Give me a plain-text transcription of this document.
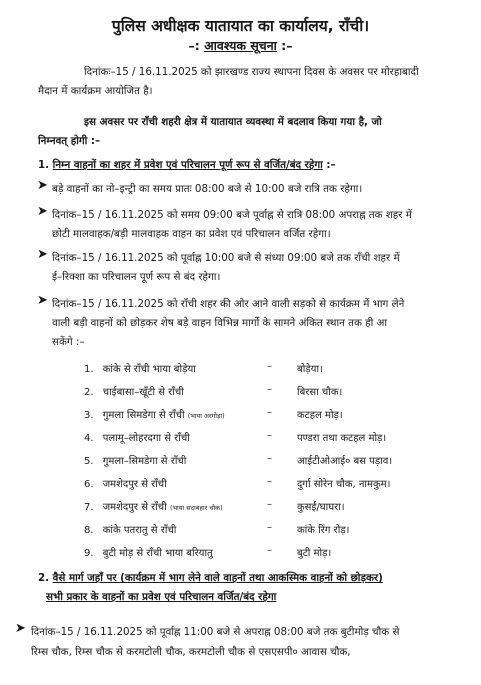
पुलिस अधीक्षक यातायात का कार्यालय, राँची।
–: आवश्यक सूचना :–
दिनांकः–15 / 16.11.2025 को झारखण्ड राज्य स्थापना दिवस के अवसर पर मोरहाबादी
मैदान में कार्यक्रम आयोजित है।
इस अवसर पर रॉंची शहरी क्षेत्र में यातायात व्यवस्था में बदलाव किया गया है, जो
निम्नवत् होगी :–
1. निम्न वाहनों का शहर में प्रवेश एवं परिचालन पूर्ण रूप से वर्जित/बंद रहेगा :–
➤ बड़े वाहनों का नो–इन्ट्री का समय प्रातः 08:00 बजे से 10:00 बजे रात्रि तक रहेगा।
➤ दिनांक–15 / 16.11.2025 को समय 09:00 बजे पूर्वाह्न से रात्रि 08:00 अपराह्न तक शहर में
छोटी मालवाहक/बड़ी मालवाहक वाहन का प्रवेश एवं परिचालन वर्जित रहेगा।
➤ दिनांक–15 / 16.11.2025 को पूर्वाह्न 10:00 बजे से संध्या 09:00 बजे तक रॉंची शहर में
ई–रिक्शा का परिचालन पूर्ण रूप से बंद रहेगा।
➤ दिनांक–15 / 16.11.2025 को रॉंची शहर की ओर आने वाली सड़को से कार्यक्रम में भाग लेने
वाली बड़ी वाहनों को छोड़कर शेष बड़े वाहन विभिन्न मार्गो के सामने अंकित स्थान तक ही आ
सकेंगे :–
1. कांके से रॉंची भाया बोड़ेया	–	बोड़ेया।
2. चाईबासा–खूँटी से रॉंची	–	बिरसा चौक।
3. गुमला सिमडेगा से रॉंची (भाया अरगोड़ा)	–	कटहल मोड़।
4. पलामू–लोहरदगा से रॉंची	–	पण्डरा तथा कटहल मोड़।
5. गुमला–सिमडेगा से रॉंची	–	आईटीओआई० बस पड़ाव।
6. जमशेदपुर से रॉंची	–	दुर्गा सोरेन चौक, नामकुम।
7. जमशेदपुर से रॉंची (भाया सदाबहार चौक)	–	कुसई/घाघरा।
8. कांके पतरातु से रॉंची	–	कांके रिंग रोड़।
9. बुटी मोड़ से रॉंची भाया बरियातु	–	बुटी मोड़।
2. वैसे मार्ग जहाँ पर (कार्यक्रम में भाग लेने वाले वाहनों तथा आकस्मिक वाहनों को छोड़कर)
सभी प्रकार के वाहनों का प्रवेश एवं परिचालन वर्जित/बंद रहेगा
➤ दिनांक–15 / 16.11.2025 को पूर्वाह्न 11:00 बजे से अपराह्न 08:00 बजे तक बुटीमोड़ चौक से
रिम्स चौक, रिम्स चौक से करमटोली चौक, करमटोली चौक से एसएसपी० आवास चौक,
